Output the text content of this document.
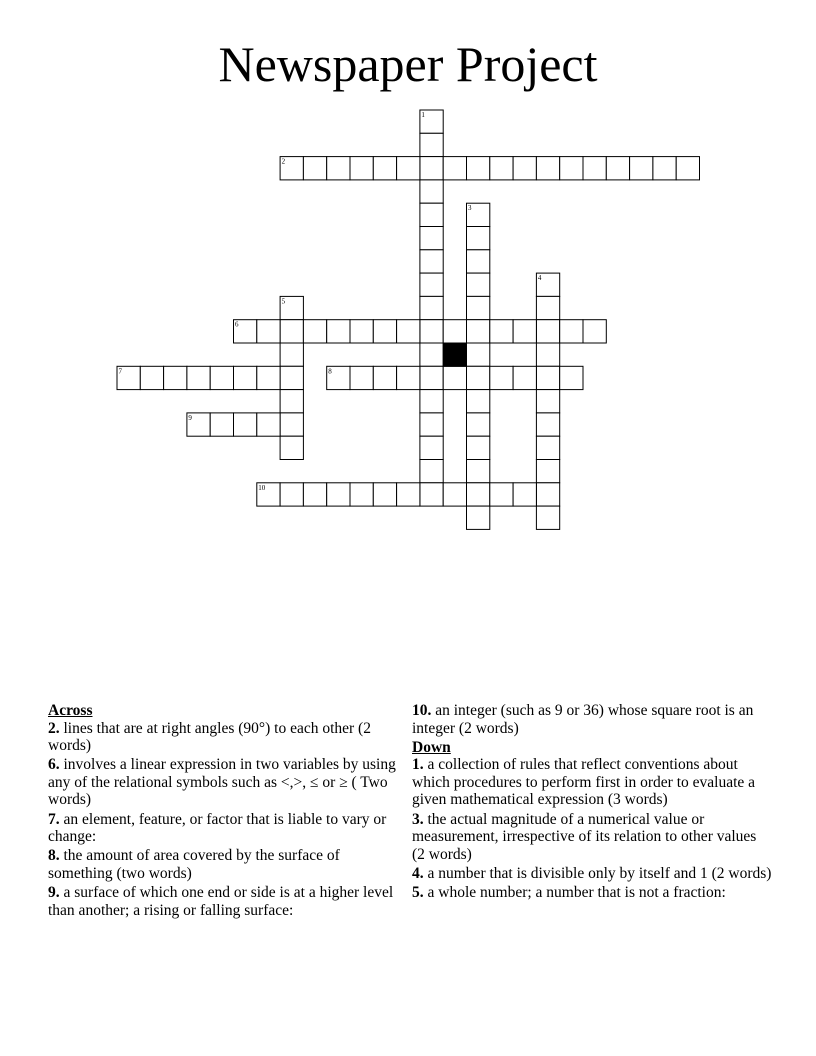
Newspaper Project
1
2
3
4
5
6
7	8
9
10
Across
2. lines that are at right angles (90°) to each other (2 words)
6. involves a linear expression in two variables by using any of the relational symbols such as <,>, ≤ or ≥ ( Two words)
7. an element, feature, or factor that is liable to vary or change:
8. the amount of area covered by the surface of something (two words)
9. a surface of which one end or side is at a higher level than another; a rising or falling surface:
10. an integer (such as 9 or 36) whose square root is an integer (2 words)
Down
1. a collection of rules that reflect conventions about which procedures to perform first in order to evaluate a given mathematical expression (3 words)
3. the actual magnitude of a numerical value or measurement, irrespective of its relation to other values (2 words)
4. a number that is divisible only by itself and 1 (2 words)
5. a whole number; a number that is not a fraction:
